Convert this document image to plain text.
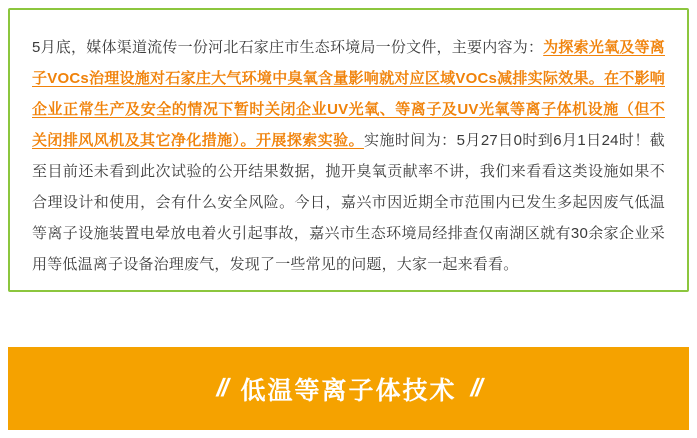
5月底，媒体渠道流传一份河北石家庄市生态环境局一份文件，主要内容为：为探索光氧及等离子VOCs治理设施对石家庄大气环境中臭氧含量影响就对应区域VOCs减排实际效果。在不影响企业正常生产及安全的情况下暂时关闭企业UV光氧、等离子及UV光氧等离子体机设施（但不关闭排风风机及其它净化措施）。开展探索实验。实施时间为：5月27日0时到6月1日24时！截至目前还未看到此次试验的公开结果数据，抛开臭氧贡献率不讲，我们来看看这类设施如果不合理设计和使用，会有什么安全风险。今日，嘉兴市因近期全市范围内已发生多起因废气低温等离子设施装置电晕放电着火引起事故，嘉兴市生态环境局经排查仅南湖区就有30余家企业采用等低温离子设备治理废气，发现了一些常见的问题，大家一起来看看。

// 低温等离子体技术 //
